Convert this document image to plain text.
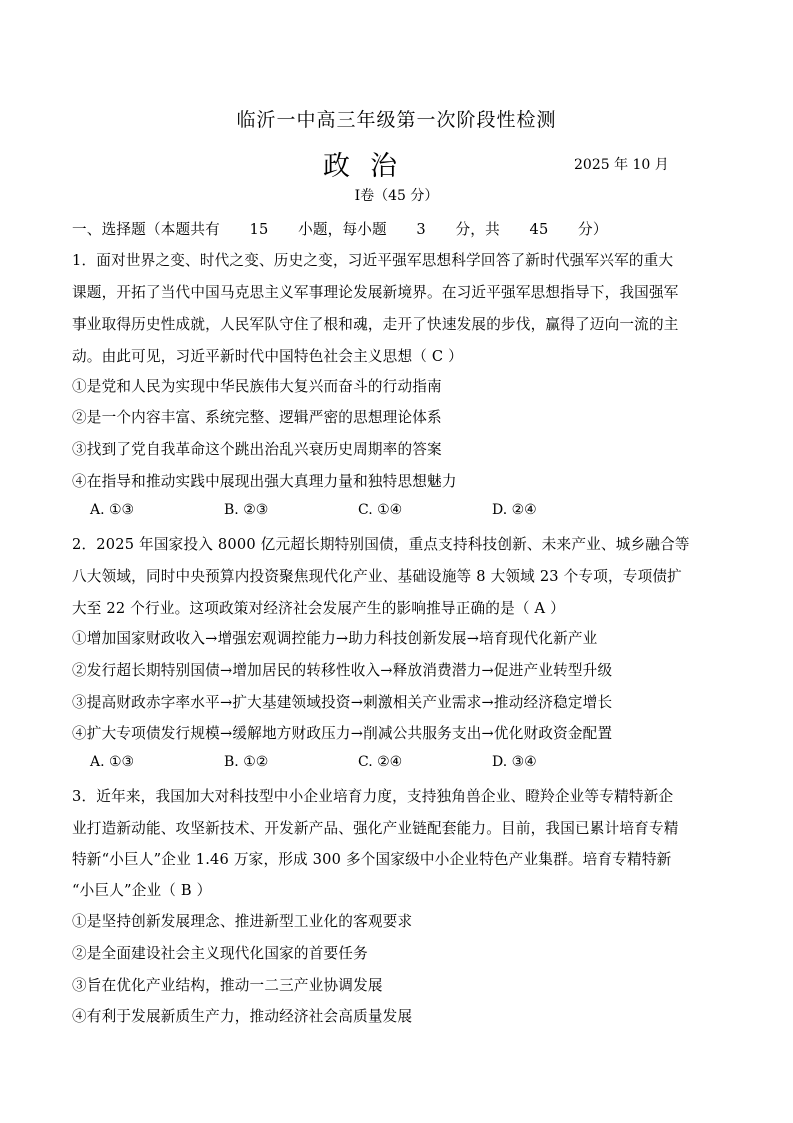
临沂一中高三年级第一次阶段性检测
政治	2025 年 10 月
Ⅰ卷（45 分）
一、选择题（本题共有　　15　　小题，每小题　　3　　分，共　　45　　分）
1．面对世界之变、时代之变、历史之变，习近平强军思想科学回答了新时代强军兴军的重大
课题，开拓了当代中国马克思主义军事理论发展新境界。在习近平强军思想指导下，我国强军
事业取得历史性成就，人民军队守住了根和魂，走开了快速发展的步伐，赢得了迈向一流的主
动。由此可见，习近平新时代中国特色社会主义思想（ C ）
①是党和人民为实现中华民族伟大复兴而奋斗的行动指南
②是一个内容丰富、系统完整、逻辑严密的思想理论体系
③找到了党自我革命这个跳出治乱兴衰历史周期率的答案
④在指导和推动实践中展现出强大真理力量和独特思想魅力
A. ①③	B. ②③	C. ①④	D. ②④
2．2025 年国家投入 8000 亿元超长期特别国债，重点支持科技创新、未来产业、城乡融合等
八大领域，同时中央预算内投资聚焦现代化产业、基础设施等 8 大领域 23 个专项，专项债扩
大至 22 个行业。这项政策对经济社会发展产生的影响推导正确的是（ A ）
①增加国家财政收入→增强宏观调控能力→助力科技创新发展→培育现代化新产业
②发行超长期特别国债→增加居民的转移性收入→释放消费潜力→促进产业转型升级
③提高财政赤字率水平→扩大基建领域投资→刺激相关产业需求→推动经济稳定增长
④扩大专项债发行规模→缓解地方财政压力→削减公共服务支出→优化财政资金配置
A. ①③	B. ①②	C. ②④	D. ③④
3．近年来，我国加大对科技型中小企业培育力度，支持独角兽企业、瞪羚企业等专精特新企
业打造新动能、攻坚新技术、开发新产品、强化产业链配套能力。目前，我国已累计培育专精
特新“小巨人”企业 1.46 万家，形成 300 多个国家级中小企业特色产业集群。培育专精特新
“小巨人”企业（ B ）
①是坚持创新发展理念、推进新型工业化的客观要求
②是全面建设社会主义现代化国家的首要任务
③旨在优化产业结构，推动一二三产业协调发展
④有利于发展新质生产力，推动经济社会高质量发展
